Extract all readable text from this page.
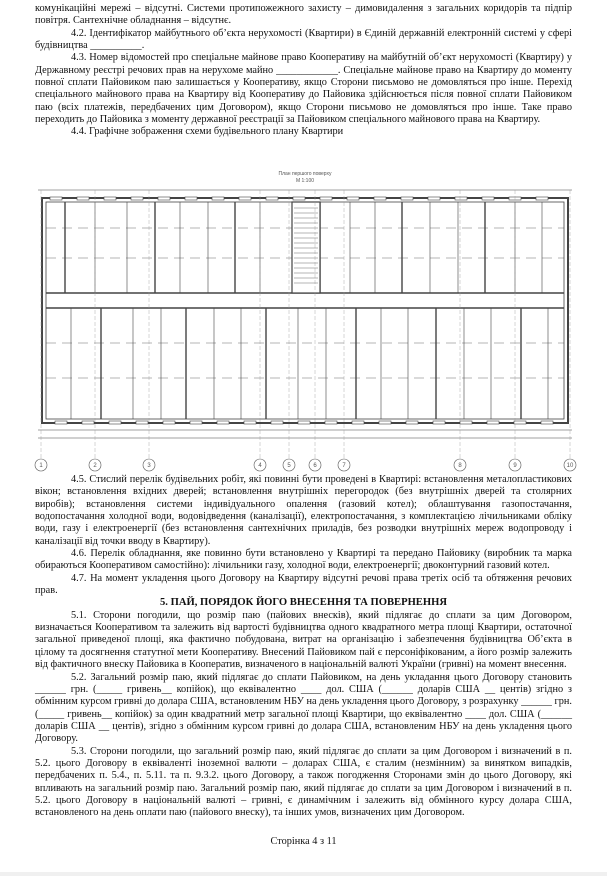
комунікаційні мережі – відсутні. Системи протипожежного захисту – димовидалення з загальних коридорів та підпір повітря. Сантехнічне обладнання – відсутнє.

4.2. Ідентифікатор майбутнього об’єкта нерухомості (Квартири) в Єдиній державній електронній системі у сфері будівництва __________.

4.3. Номер відомостей про спеціальне майнове право Кооперативу на майбутній об’єкт нерухомості (Квартиру) у Державному реєстрі речових прав на нерухоме майно ____________. Спеціальне майнове право на Квартиру до моменту повної сплати Пайовиком паю залишається у Кооперативу, якщо Сторони письмово не домовляться про інше. Перехід спеціального майнового права на Квартиру від Кооперативу до Пайовика здійснюється після повної сплати Пайовиком паю (всіх платежів, передбачених цим Договором), якщо Сторони письмово не домовляться про інше. Таке право переходить до Пайовика з моменту державної реєстрації за Пайовиком спеціального майнового права на Квартиру.

4.4. Графічне зображення схеми будівельного плану Квартири

План першого поверху
М 1:100
1	2	3	4	5	6	7	8	9	10

4.5. Стислий перелік будівельних робіт, які повинні бути проведені в Квартирі: встановлення металопластикових вікон; встановлення вхідних дверей; встановлення внутрішніх перегородок (без внутрішніх дверей та столярних виробів); встановлення системи індивідуального опалення (газовий котел); облаштування газопостачання, водопостачання холодної води, водовідведення (каналізації), електропостачання, з комплектацією лічильниками обліку води, газу і електроенергії (без встановлення сантехнічних приладів, без розводки внутрішніх мереж водопроводу і каналізації від точки вводу в Квартиру).

4.6. Перелік обладнання, яке повинно бути встановлено у Квартирі та передано Пайовику (виробник та марка обираються Кооперативом самостійно): лічильники газу, холодної води, електроенергії; двоконтурний газовий котел.

4.7. На момент укладення цього Договору на Квартиру відсутні речові права третіх осіб та обтяження речових прав.

5. ПАЙ, ПОРЯДОК ЙОГО ВНЕСЕННЯ ТА ПОВЕРНЕННЯ

5.1. Сторони погодили, що розмір паю (пайових внесків), який підлягає до сплати за цим Договором, визначається Кооперативом та залежить від вартості будівництва одного квадратного метра площі Квартири, остаточної загальної приведеної площі, яка фактично побудована, витрат на організацію і забезпечення будівництва Об’єкта в цілому та досягнення статутної мети Кооперативу. Внесений Пайовиком пай є персоніфікованим, а його розмір залежить від фактичного внеску Пайовика в Кооператив, визначеного в національній валюті України (гривні) на момент внесення.

5.2. Загальний розмір паю, який підлягає до сплати Пайовиком, на день укладання цього Договору становить ______ грн. (_____ гривень__ копійок), що еквівалентно ____ дол. США (______ доларів США __ центів) згідно з обмінним курсом гривні до долара США, встановленим НБУ на день укладення цього Договору, з розрахунку ______ грн. (_____ гривень__ копійок) за один квадратний метр загальної площі Квартири, що еквівалентно ____ дол. США (______ доларів США __ центів), згідно з обмінним курсом гривні до долара США, встановленим НБУ на день укладення цього Договору.

5.3. Сторони погодили, що загальний розмір паю, який підлягає до сплати за цим Договором і визначений в п. 5.2. цього Договору в еквіваленті іноземної валюти – доларах США, є сталим (незмінним) за винятком випадків, передбачених п. 5.4., п. 5.11. та п. 9.3.2. цього Договору, а також погодження Сторонами змін до цього Договору, які впливають на загальний розмір паю. Загальний розмір паю, який підлягає до сплати за цим Договором і визначений в п. 5.2. цього Договору в національній валюті – гривні, є динамічним і залежить від обмінного курсу долара США, встановленого на день оплати паю (пайового внеску), та інших умов, визначених цим Договором.

Сторінка 4 з 11
